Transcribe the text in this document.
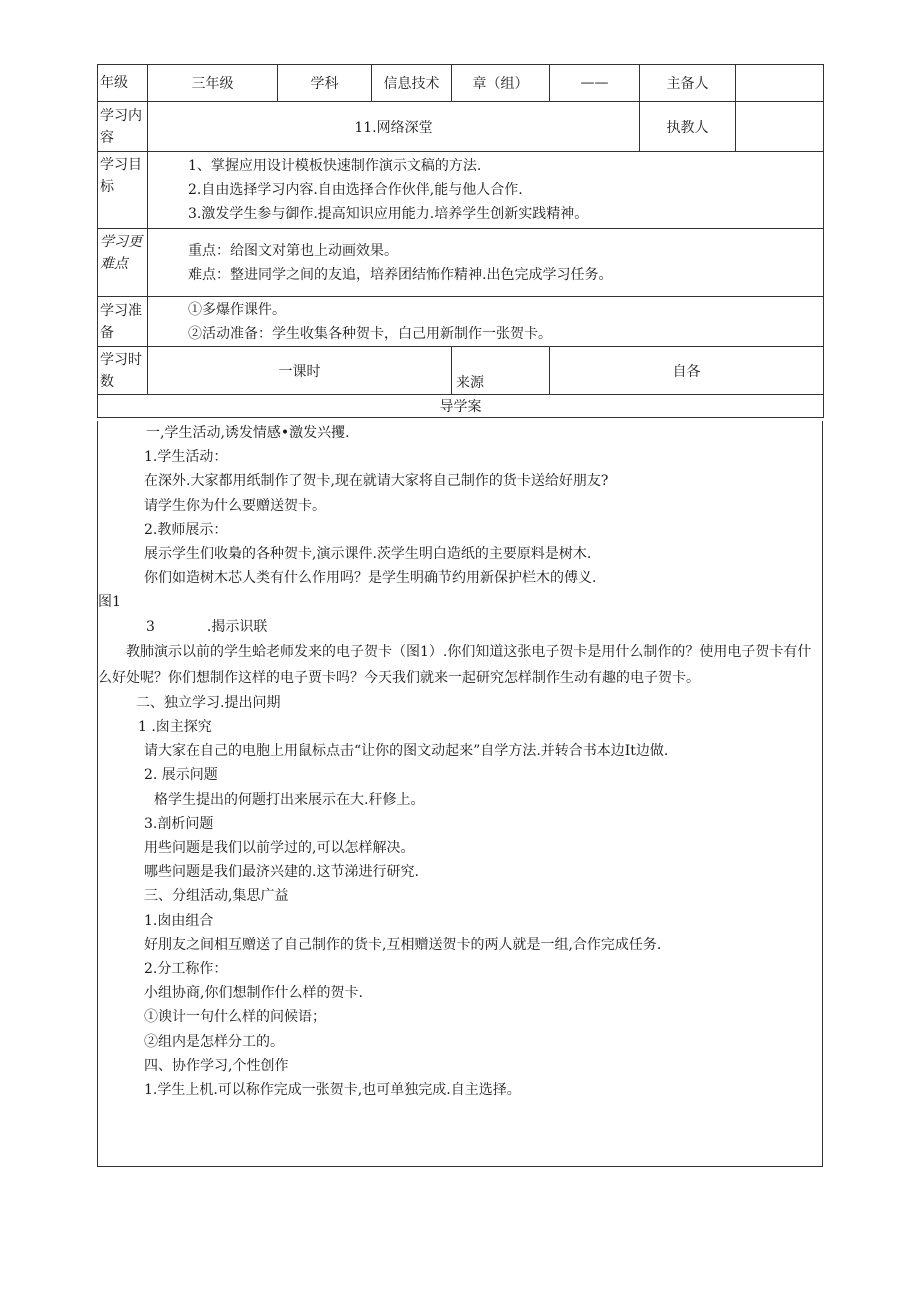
年级	三年级	学科	信息技术	章（组）	——	主备人	
学习内容	11.网络深堂					执教人	
学习目标	1、掌握应用设计模板快速制作演示文稿的方法.

2.自由选择学习内容.自由选择合作伙伴,能与他人合作.

3.激发学生参与御作.提高知识应用能力.培养学生创新实践精神。						

学习更难点	重点：给图文对第也上动画效果。

难点：整进同学之间的友追，培养团结怖作精神.出色完成学习任务。						

学习准备	①多爆作课件。

②活动准备：学生收集各种贺卡，白己用新制作一张贺卡。						

学习时数	一课时			来源	自各		
导学案							

一,学生活动,诱发情感•激发兴攫.

1.学生活动：

在深外.大家都用纸制作了贺卡,现在就请大家将自己制作的货卡送给好朋友?

请学生你为什么要赠送贺卡。

2.教师展示：

展示学生们收梟的各种贺卡,演示课件.茨学生明白造纸的主要原料是树木.

你们如造树木芯人类有什么作用吗？是学生明确节约用新保护栏木的傅义.

图1

3	.揭示识联

教肺演示以前的学生蛤老师发来的电子贺卡（图1）.你们知道这张电子贺卡是用什么制作的？使用电子贺卡有什么好处呢？你们想制作这样的电子贾卡吗？今天我们就来一起研究怎样制作生动有趣的电子贺卡。

二、独立学习.提出问期

1 .囱主探究

请大家在自己的电胞上用鼠标点击“让你的图文动起来”自学方法.并转合书本边It边做.

2. 展示问题

格学生提出的何题打出来展示在大.秆修上。

3.剖析问题

用些问题是我们以前学过的,可以怎样解决。

哪些问题是我们最济兴建的.这节涕进行研究.

三、分组活动,集思广益

1.囱由组合

好刖友之间相互赠送了自己制作的货卡,互相赠送贺卡的两人就是一组,合作完成任务.

2.分工称作：

小组协商,你们想制作什么样的贺卡.

①谀计一句什么样的问候语；

②组内是怎样分工的。

四、协作学习,个性创作

1.学生上机.可以称作完成一张贺卡,也可单独完成.自主选择。
